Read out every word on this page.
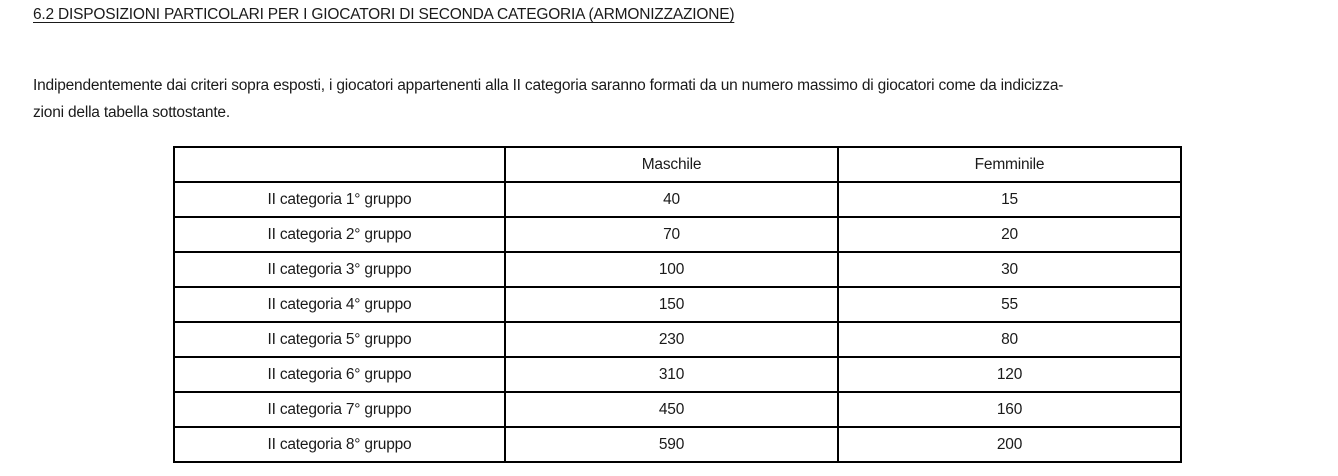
6.2 DISPOSIZIONI PARTICOLARI PER I GIOCATORI DI SECONDA CATEGORIA (ARMONIZZAZIONE)

Indipendentemente dai criteri sopra esposti, i giocatori appartenenti alla II categoria saranno formati da un numero massimo di giocatori come da indicizza-
zioni della tabella sottostante.

	Maschile	Femminile
II categoria 1° gruppo	40	15
II categoria 2° gruppo	70	20
II categoria 3° gruppo	100	30
II categoria 4° gruppo	150	55
II categoria 5° gruppo	230	80
II categoria 6° gruppo	310	120
II categoria 7° gruppo	450	160
II categoria 8° gruppo	590	200
